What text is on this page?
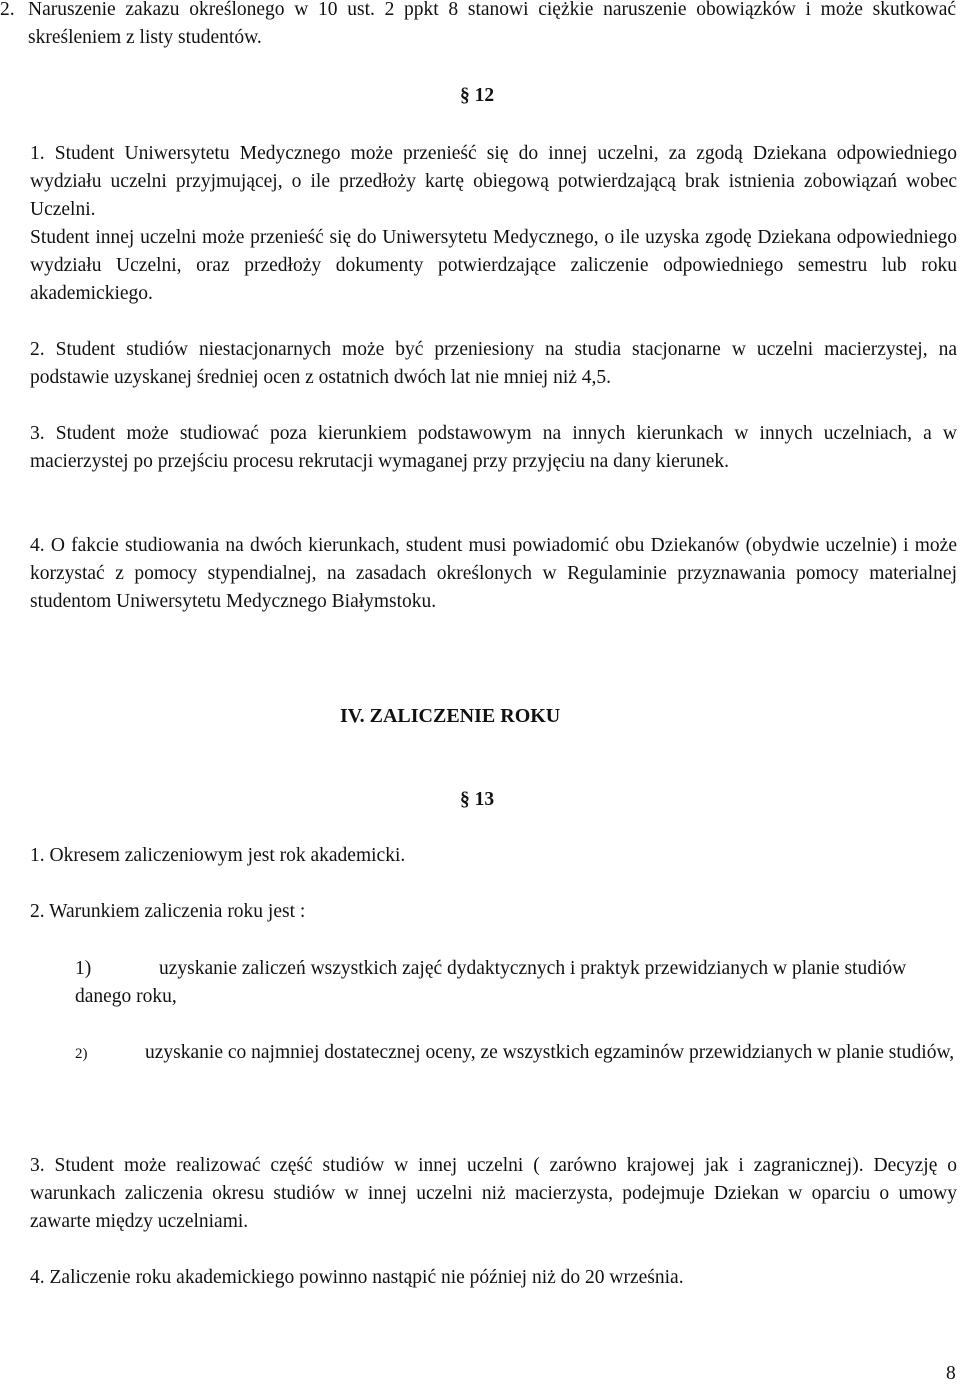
2. Naruszenie zakazu określonego w 10 ust. 2 ppkt 8 stanowi ciężkie naruszenie obowiązków i może skutkować skreśleniem z listy studentów.

§ 12

1. Student Uniwersytetu Medycznego może przenieść się do innej uczelni, za zgodą Dziekana odpowiedniego wydziału uczelni przyjmującej, o ile przedłoży kartę obiegową potwierdzającą brak istnienia zobowiązań wobec Uczelni.

Student innej uczelni może przenieść się do Uniwersytetu Medycznego, o ile uzyska zgodę Dziekana odpowiedniego wydziału Uczelni, oraz przedłoży dokumenty potwierdzające zaliczenie odpowiedniego semestru lub roku akademickiego.

2. Student studiów niestacjonarnych może być przeniesiony na studia stacjonarne w uczelni macierzystej, na podstawie uzyskanej średniej ocen z ostatnich dwóch lat nie mniej niż 4,5.

3. Student może studiować poza kierunkiem podstawowym na innych kierunkach w innych uczelniach, a w macierzystej po przejściu procesu rekrutacji wymaganej przy przyjęciu na dany kierunek.

4. O fakcie studiowania na dwóch kierunkach, student musi powiadomić obu Dziekanów (obydwie uczelnie) i może korzystać z pomocy stypendialnej, na zasadach określonych w Regulaminie przyznawania pomocy materialnej studentom Uniwersytetu Medycznego Białymstoku.

IV. ZALICZENIE ROKU
§ 13

1. Okresem zaliczeniowym jest rok akademicki.

2. Warunkiem zaliczenia roku jest :

1)	uzyskanie zaliczeń wszystkich zajęć dydaktycznych i praktyk przewidzianych w planie studiów danego roku,
2)	uzyskanie co najmniej dostatecznej oceny, ze wszystkich egzaminów przewidzianych w planie studiów,

3. Student może realizować część studiów w innej uczelni ( zarówno krajowej jak i zagranicznej). Decyzję o warunkach zaliczenia okresu studiów w innej uczelni niż macierzysta, podejmuje Dziekan w oparciu o umowy zawarte między uczelniami.

4. Zaliczenie roku akademickiego powinno nastąpić nie później niż do 20 września.

8
